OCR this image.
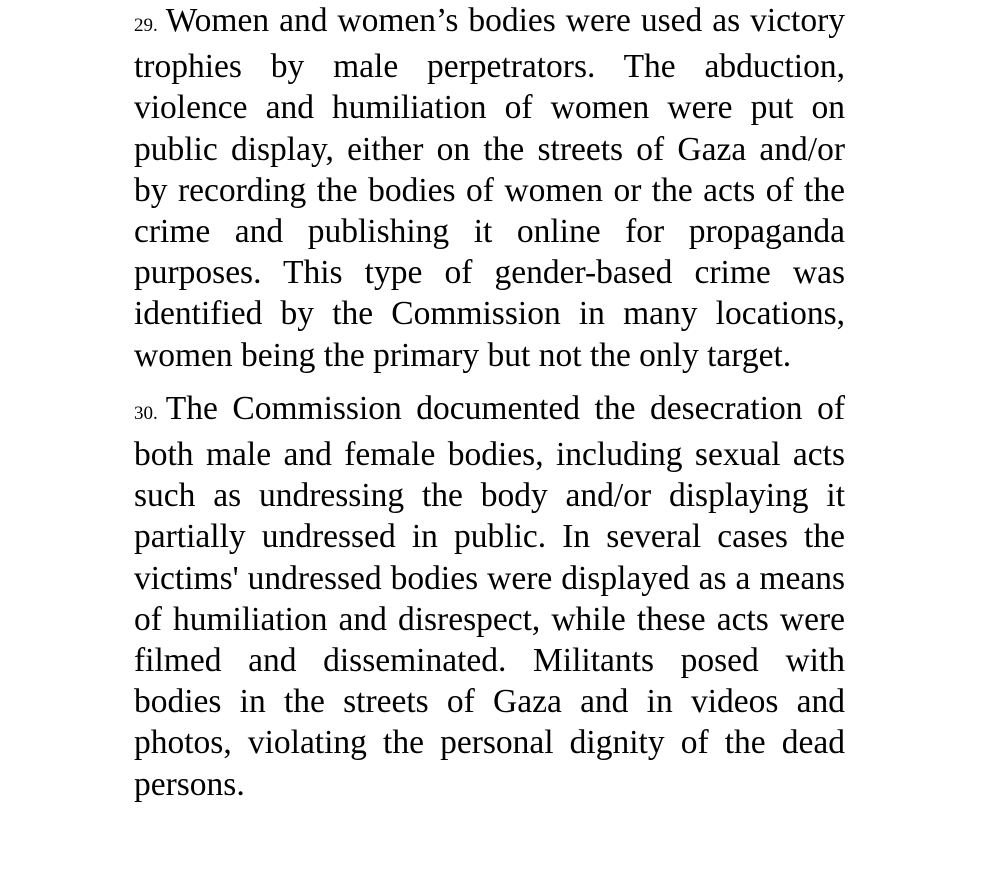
29. Women and women’s bodies were used as victory trophies by male perpetrators. The abduction, violence and humiliation of women were put on public display, either on the streets of Gaza and/or by recording the bodies of women or the acts of the crime and publishing it online for propaganda purposes. This type of gender-based crime was identified by the Commission in many locations, women being the primary but not the only target.

30. The Commission documented the desecration of both male and female bodies, including sexual acts such as undressing the body and/or displaying it partially undressed in public. In several cases the victims' undressed bodies were displayed as a means of humiliation and disrespect, while these acts were filmed and disseminated. Militants posed with bodies in the streets of Gaza and in videos and photos, violating the personal dignity of the dead persons.
